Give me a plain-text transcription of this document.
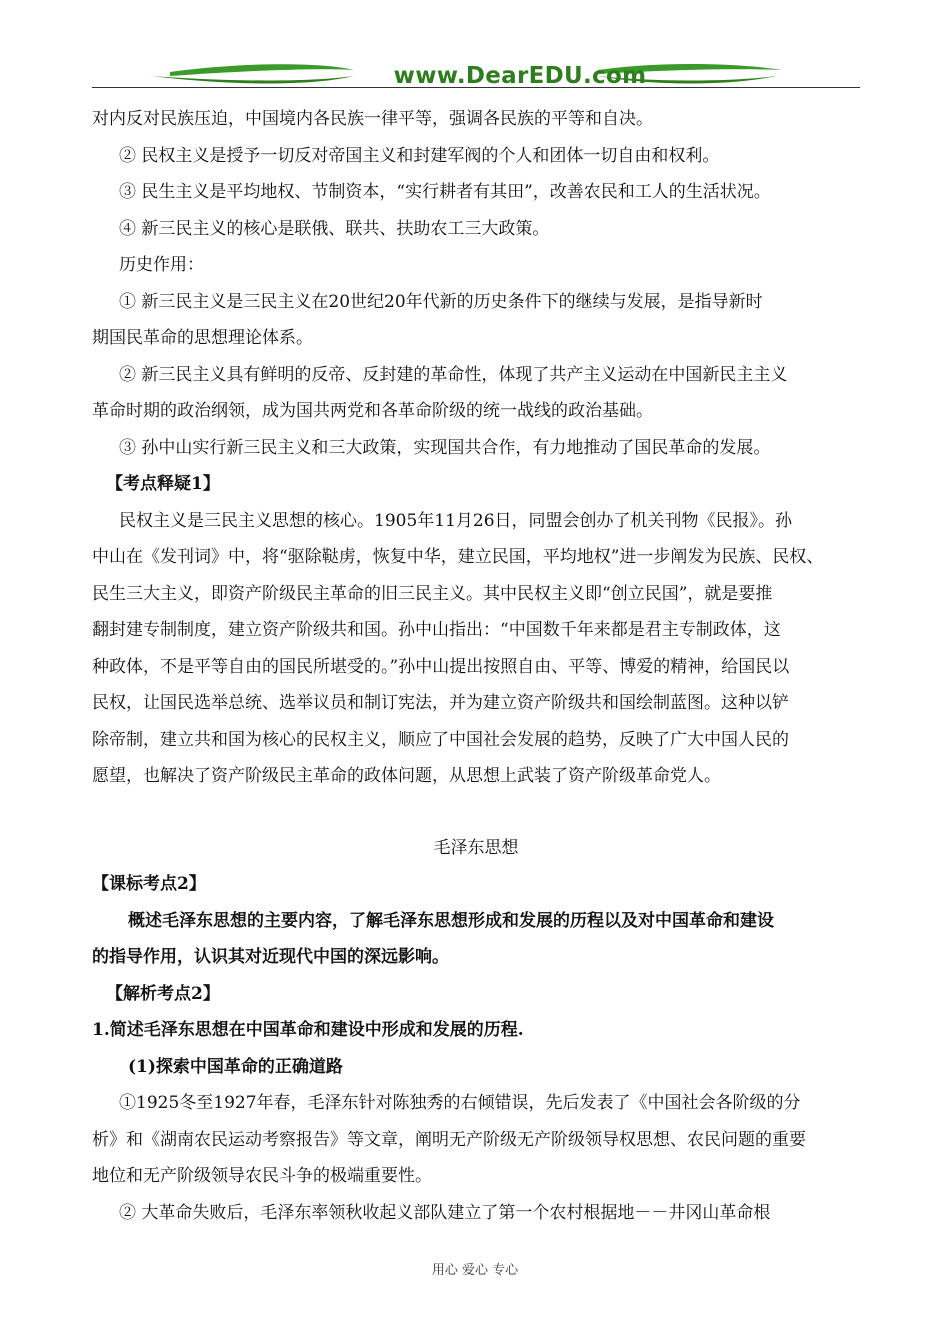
www.DearEDU.com

对内反对民族压迫，中国境内各民族一律平等，强调各民族的平等和自决。

② 民权主义是授予一切反对帝国主义和封建军阀的个人和团体一切自由和权利。

③ 民生主义是平均地权、节制资本，“实行耕者有其田”，改善农民和工人的生活状况。

④ 新三民主义的核心是联俄、联共、扶助农工三大政策。

历史作用：

① 新三民主义是三民主义在20世纪20年代新的历史条件下的继续与发展，是指导新时

期国民革命的思想理论体系。

② 新三民主义具有鲜明的反帝、反封建的革命性，体现了共产主义运动在中国新民主主义

革命时期的政治纲领，成为国共两党和各革命阶级的统一战线的政治基础。

③ 孙中山实行新三民主义和三大政策，实现国共合作，有力地推动了国民革命的发展。

【考点释疑1】

民权主义是三民主义思想的核心。1905年11月26日，同盟会创办了机关刊物《民报》。孙

中山在《发刊词》中，将“驱除鞑虏，恢复中华，建立民国，平均地权”进一步阐发为民族、民权、

民生三大主义，即资产阶级民主革命的旧三民主义。其中民权主义即“创立民国”，就是要推

翻封建专制制度，建立资产阶级共和国。孙中山指出：“中国数千年来都是君主专制政体，这

种政体，不是平等自由的国民所堪受的。”孙中山提出按照自由、平等、博爱的精神，给国民以

民权，让国民选举总统、选举议员和制订宪法，并为建立资产阶级共和国绘制蓝图。这种以铲

除帝制，建立共和国为核心的民权主义，顺应了中国社会发展的趋势，反映了广大中国人民的

愿望，也解决了资产阶级民主革命的政体问题，从思想上武装了资产阶级革命党人。

毛泽东思想

【课标考点2】

概述毛泽东思想的主要内容，了解毛泽东思想形成和发展的历程以及对中国革命和建设

的指导作用，认识其对近现代中国的深远影响。

【解析考点2】

1.简述毛泽东思想在中国革命和建设中形成和发展的历程.

(1)探索中国革命的正确道路

①1925冬至1927年春，毛泽东针对陈独秀的右倾错误，先后发表了《中国社会各阶级的分

析》和《湖南农民运动考察报告》等文章，阐明无产阶级无产阶级领导权思想、农民问题的重要

地位和无产阶级领导农民斗争的极端重要性。

② 大革命失败后，毛泽东率领秋收起义部队建立了第一个农村根据地－－井冈山革命根

用心 爱心 专心
